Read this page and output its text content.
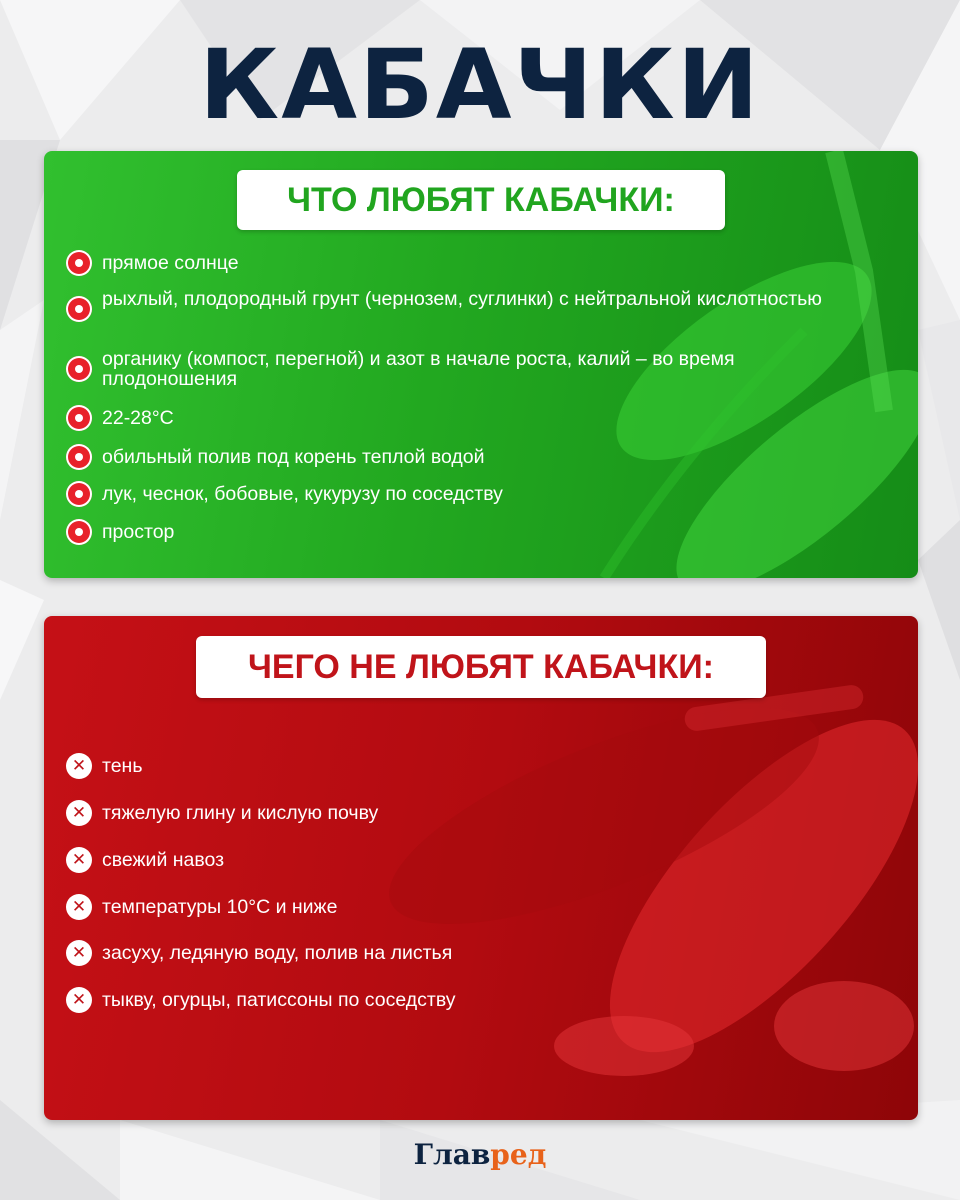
КАБАЧКИ
ЧТО ЛЮБЯТ КАБАЧКИ:
прямое солнце
рыхлый, плодородный грунт (чернозем, суглинки) с нейтральной кислотностью
органику (компост, перегной) и азот в начале роста, калий – во время плодоношения
22-28°C
обильный полив под корень теплой водой
лук, чеснок, бобовые, кукурузу по соседству
простор
ЧЕГО НЕ ЛЮБЯТ КАБАЧКИ:
✕ тень
✕ тяжелую глину и кислую почву
✕ свежий навоз
✕ температуры 10°C и ниже
✕ засуху, ледяную воду, полив на листья
✕ тыкву, огурцы, патиссоны по соседству
Главред
